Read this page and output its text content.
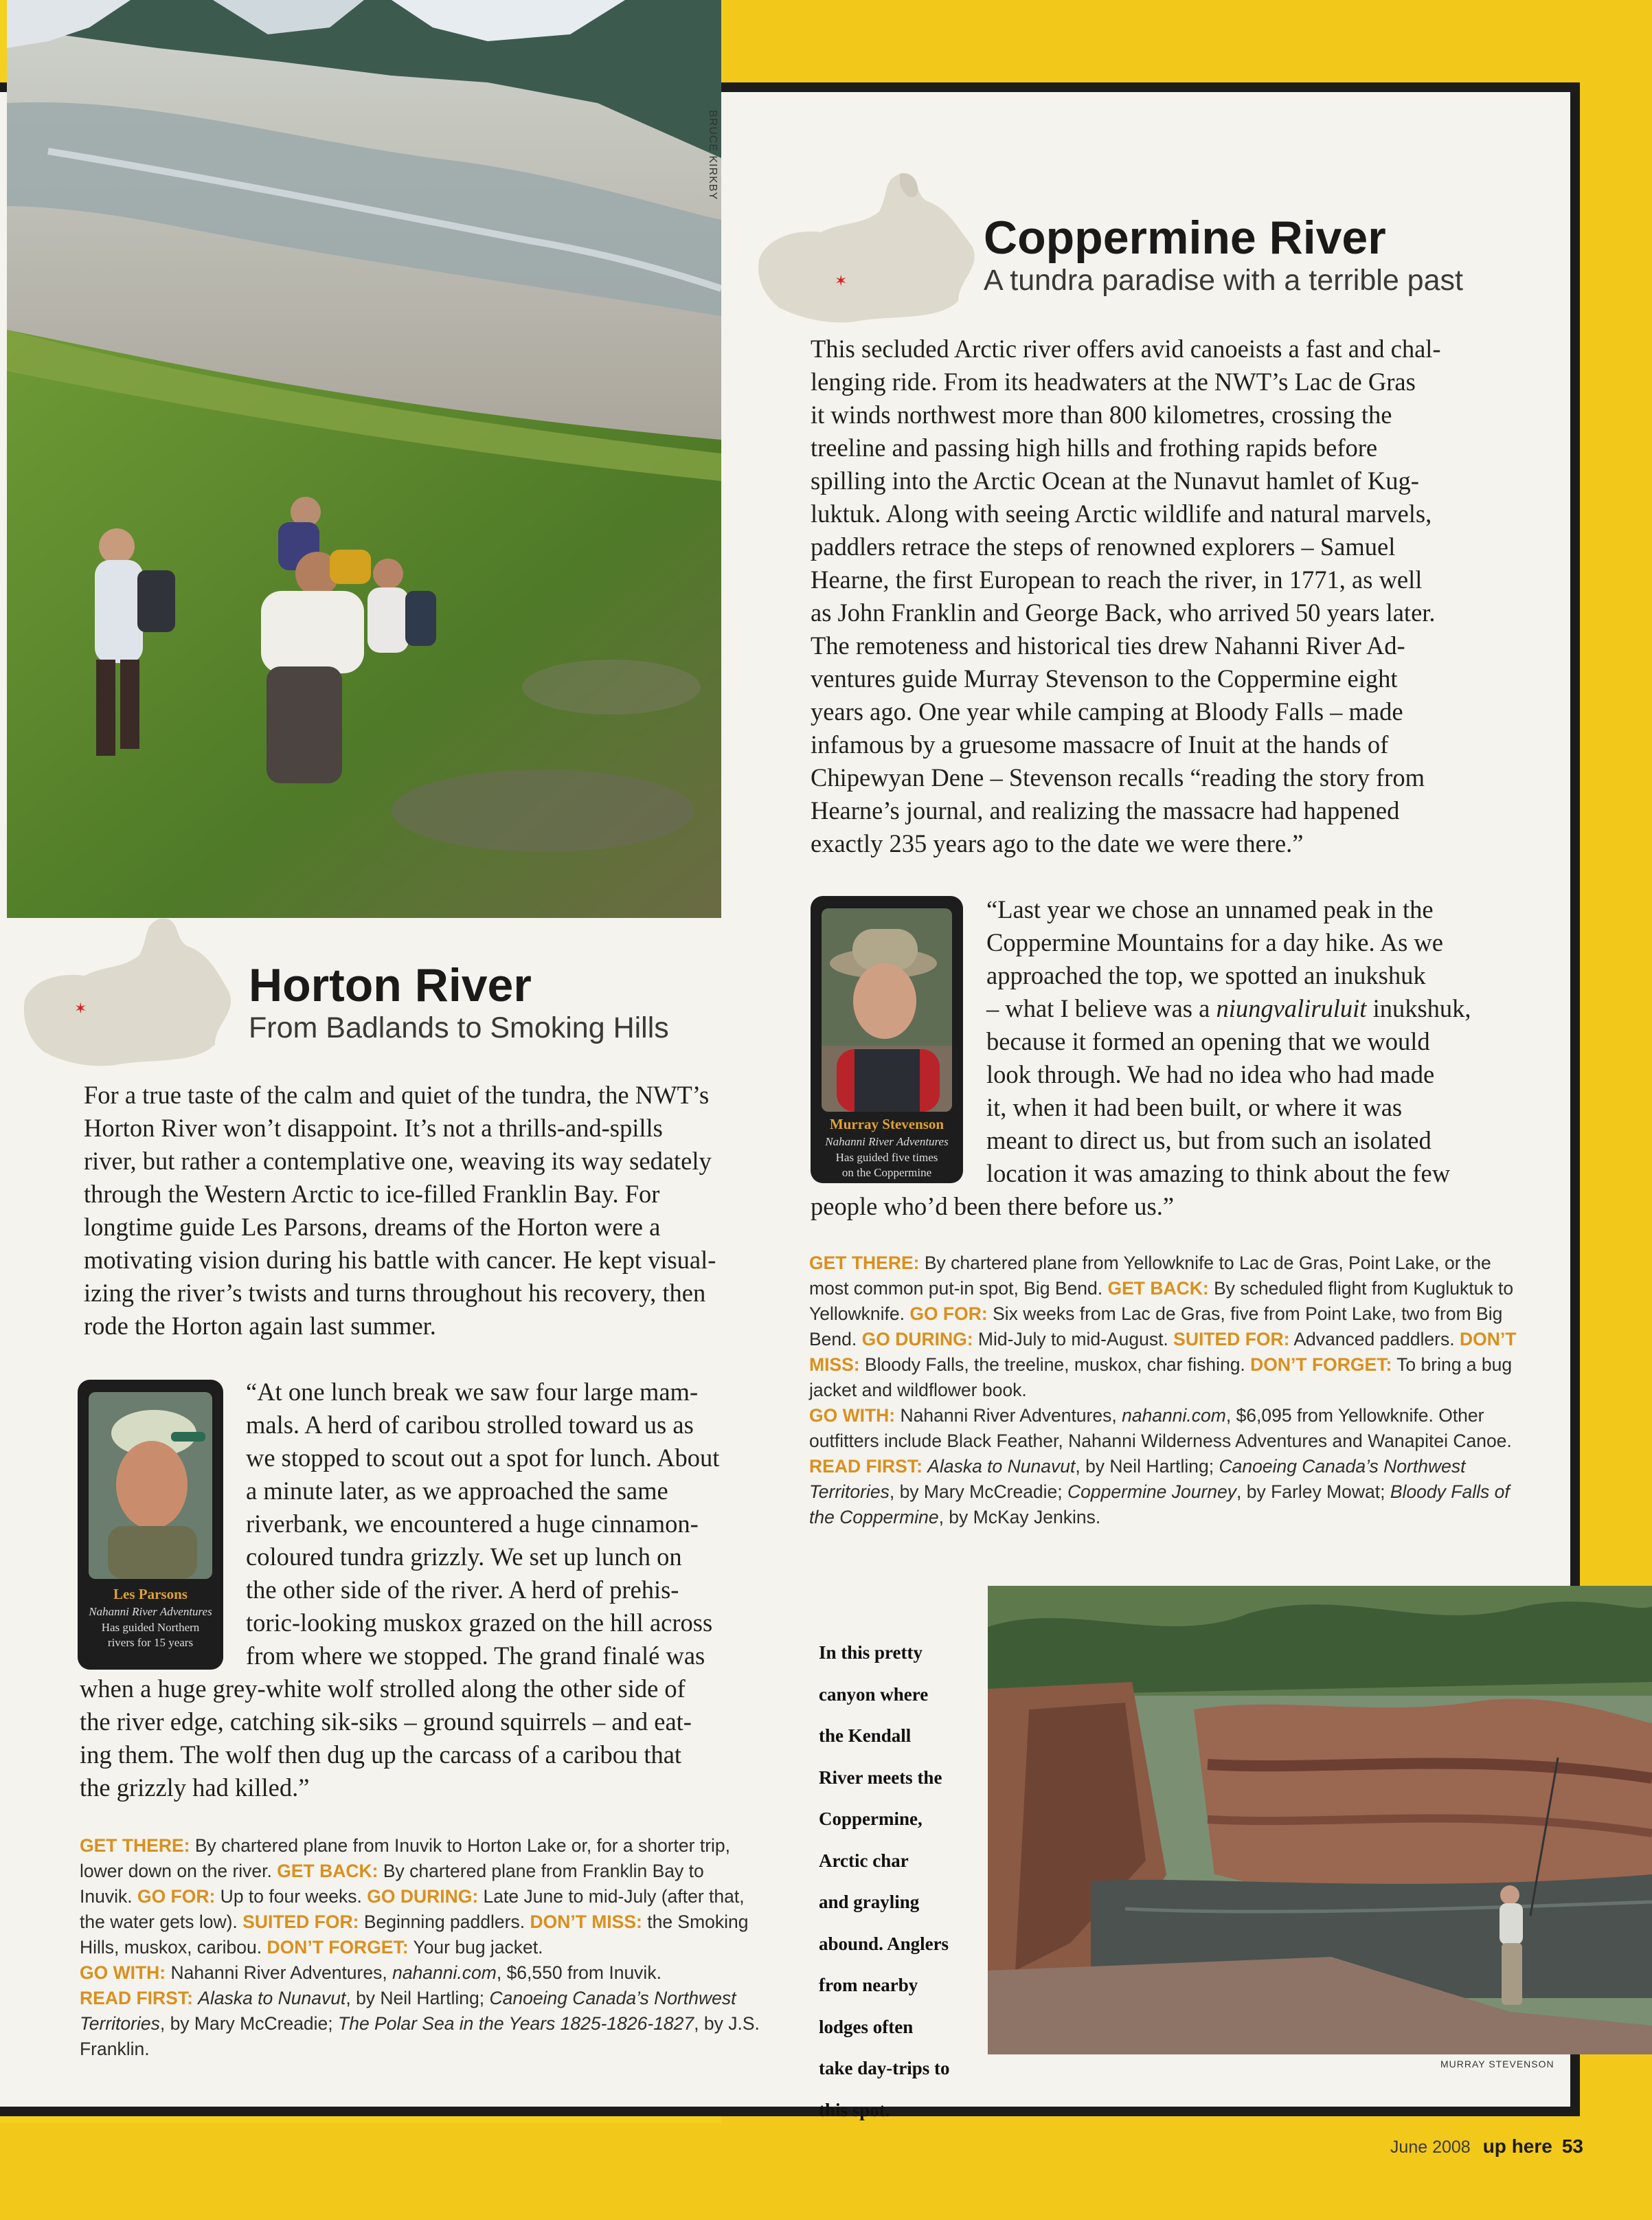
BRUCE KIRKBY
✶
Coppermine River
A tundra paradise with a terrible past

This secluded Arctic river offers avid canoeists a fast and chal-

lenging ride. From its headwaters at the NWT’s Lac de Gras

it winds northwest more than 800 kilometres, crossing the

treeline and passing high hills and frothing rapids before

spilling into the Arctic Ocean at the Nunavut hamlet of Kug-

luktuk. Along with seeing Arctic wildlife and natural marvels,

paddlers retrace the steps of renowned explorers – Samuel

Hearne, the first European to reach the river, in 1771, as well

as John Franklin and George Back, who arrived 50 years later.

The remoteness and historical ties drew Nahanni River Ad-

ventures guide Murray Stevenson to the Coppermine eight

years ago. One year while camping at Bloody Falls – made

infamous by a gruesome massacre of Inuit at the hands of

Chipewyan Dene – Stevenson recalls “reading the story from

Hearne’s journal, and realizing the massacre had happened

exactly 235 years ago to the date we were there.”

Murray Stevenson
Nahanni River Adventures
Has guided five times
on the Coppermine

“Last year we chose an unnamed peak in the

Coppermine Mountains for a day hike. As we

approached the top, we spotted an inukshuk

– what I believe was a niungvaliruluit inukshuk,

because it formed an opening that we would

look through. We had no idea who had made

it, when it had been built, or where it was

meant to direct us, but from such an isolated

location it was amazing to think about the few

people who’d been there before us.”
GET THERE: By chartered plane from Yellowknife to Lac de Gras, Point Lake, or the most common put-in spot, Big Bend. GET BACK: By scheduled flight from Kugluktuk to Yellowknife. GO FOR: Six weeks from Lac de Gras, five from Point Lake, two from Big Bend. GO DURING: Mid-July to mid-August. SUITED FOR: Advanced paddlers. DON’T MISS: Bloody Falls, the treeline, muskox, char fishing. DON’T FORGET: To bring a bug jacket and wildflower book.
GO WITH: Nahanni River Adventures, nahanni.com, $6,095 from Yellowknife. Other outfitters include Black Feather, Nahanni Wilderness Adventures and Wanapitei Canoe. READ FIRST: Alaska to Nunavut, by Neil Hartling; Canoeing Canada’s Northwest Territories, by Mary McCreadie; Coppermine Journey, by Farley Mowat; Bloody Falls of the Coppermine, by McKay Jenkins.

In this pretty

canyon where

the Kendall

River meets the

Coppermine,

Arctic char

and grayling

abound. Anglers

from nearby

lodges often

take day-trips to

this spot.

MURRAY STEVENSON
✶	Horton River
From Badlands to Smoking Hills

For a true taste of the calm and quiet of the tundra, the NWT’s

Horton River won’t disappoint. It’s not a thrills-and-spills

river, but rather a contemplative one, weaving its way sedately

through the Western Arctic to ice-filled Franklin Bay. For

longtime guide Les Parsons, dreams of the Horton were a

motivating vision during his battle with cancer. He kept visual-

izing the river’s twists and turns throughout his recovery, then

rode the Horton again last summer.

Les Parsons
Nahanni River Adventures
Has guided Northern
rivers for 15 years

“At one lunch break we saw four large mam-

mals. A herd of caribou strolled toward us as

we stopped to scout out a spot for lunch. About

a minute later, as we approached the same

riverbank, we encountered a huge cinnamon-

coloured tundra grizzly. We set up lunch on

the other side of the river. A herd of prehis-

toric-looking muskox grazed on the hill across

from where we stopped. The grand finalé was

when a huge grey-white wolf strolled along the other side of

the river edge, catching sik-siks – ground squirrels – and eat-

ing them. The wolf then dug up the carcass of a caribou that

the grizzly had killed.”

GET THERE: By chartered plane from Inuvik to Horton Lake or, for a shorter trip, lower down on the river. GET BACK: By chartered plane from Franklin Bay to Inuvik. GO FOR: Up to four weeks. GO DURING: Late June to mid-July (after that, the water gets low). SUITED FOR: Beginning paddlers. DON’T MISS: the Smoking Hills, muskox, caribou. DON’T FORGET: Your bug jacket.
GO WITH: Nahanni River Adventures, nahanni.com, $6,550 from Inuvik.
READ FIRST: Alaska to Nunavut, by Neil Hartling; Canoeing Canada’s Northwest Territories, by Mary McCreadie; The Polar Sea in the Years 1825-1826-1827, by J.S. Franklin.
June 2008 up here 53
